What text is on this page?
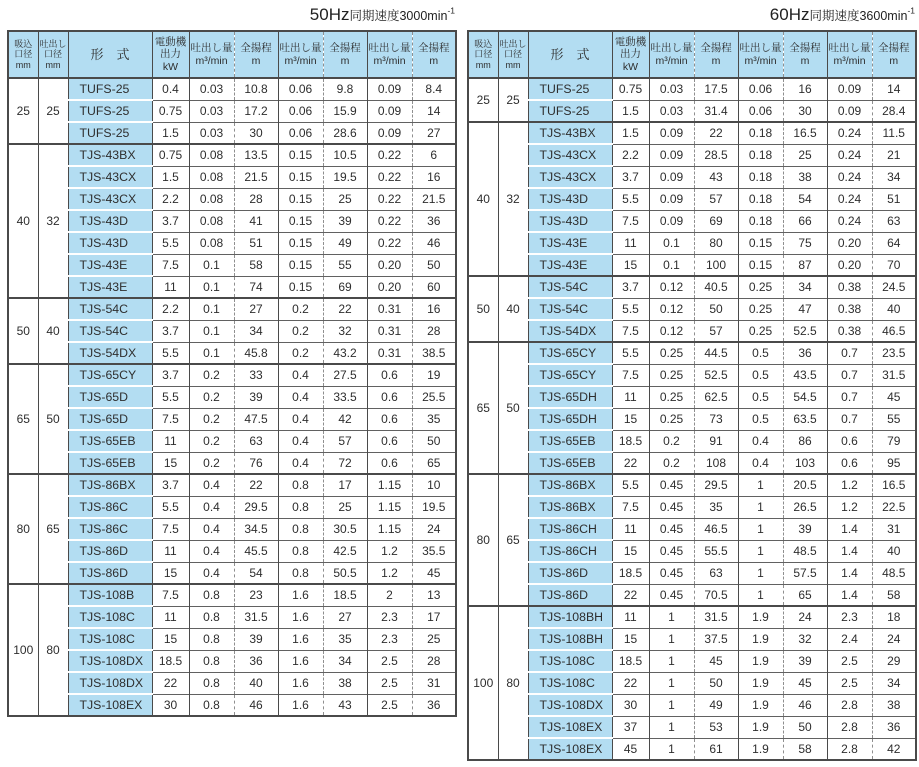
50Hz同期速度$3000\min^{-1}$	60Hz同期速度$3600\min^{-1}$
吸込
口径
mm

吐出し
口径
mm
	形　式	
電動機
出力kW

吐出し量
m³/min

全揚程
m

吐出し量
m³/min

全揚程
m

吐出し量
m³/min

全揚程
m

25	25	TUFS-25	0.4	0.03	10.8	0.06	9.8	0.09	8.4
		TUFS-25	0.75	0.03	17.2	0.06	15.9	0.09	14
		TUFS-25	1.5	0.03	30	0.06	28.6	0.09	27
40	32	TJS-43BX	0.75	0.08	13.5	0.15	10.5	0.22	6
		TJS-43CX	1.5	0.08	21.5	0.15	19.5	0.22	16
		TJS-43CX	2.2	0.08	28	0.15	25	0.22	21.5
		TJS-43D	3.7	0.08	41	0.15	39	0.22	36
		TJS-43D	5.5	0.08	51	0.15	49	0.22	46
		TJS-43E	7.5	0.1	58	0.15	55	0.20	50
		TJS-43E	11	0.1	74	0.15	69	0.20	60
50	40	TJS-54C	2.2	0.1	27	0.2	22	0.31	16
		TJS-54C	3.7	0.1	34	0.2	32	0.31	28
		TJS-54DX	5.5	0.1	45.8	0.2	43.2	0.31	38.5
65	50	TJS-65CY	3.7	0.2	33	0.4	27.5	0.6	19
		TJS-65D	5.5	0.2	39	0.4	33.5	0.6	25.5
		TJS-65D	7.5	0.2	47.5	0.4	42	0.6	35
		TJS-65EB	11	0.2	63	0.4	57	0.6	50
		TJS-65EB	15	0.2	76	0.4	72	0.6	65
80	65	TJS-86BX	3.7	0.4	22	0.8	17	1.15	10
		TJS-86C	5.5	0.4	29.5	0.8	25	1.15	19.5
		TJS-86C	7.5	0.4	34.5	0.8	30.5	1.15	24
		TJS-86D	11	0.4	45.5	0.8	42.5	1.2	35.5
		TJS-86D	15	0.4	54	0.8	50.5	1.2	45
100	80	TJS-108B	7.5	0.8	23	1.6	18.5	2	13
		TJS-108C	11	0.8	31.5	1.6	27	2.3	17
		TJS-108C	15	0.8	39	1.6	35	2.3	25
		TJS-108DX	18.5	0.8	36	1.6	34	2.5	28
		TJS-108DX	22	0.8	40	1.6	38	2.5	31
		TJS-108EX	30	0.8	46	1.6	43	2.5	36
吸込
口径
mm

吐出し
口径
mm
	形　式	
電動機
出力kW

吐出し量
m³/min

全揚程
m

吐出し量
m³/min

全揚程
m

吐出し量
m³/min

全揚程
m

25	25	TUFS-25	0.75	0.03	17.5	0.06	16	0.09	14
		TUFS-25	1.5	0.03	31.4	0.06	30	0.09	28.4
40	32	TJS-43BX	1.5	0.09	22	0.18	16.5	0.24	11.5
		TJS-43CX	2.2	0.09	28.5	0.18	25	0.24	21
		TJS-43CX	3.7	0.09	43	0.18	38	0.24	34
		TJS-43D	5.5	0.09	57	0.18	54	0.24	51
		TJS-43D	7.5	0.09	69	0.18	66	0.24	63
		TJS-43E	11	0.1	80	0.15	75	0.20	64
		TJS-43E	15	0.1	100	0.15	87	0.20	70
50	40	TJS-54C	3.7	0.12	40.5	0.25	34	0.38	24.5
		TJS-54C	5.5	0.12	50	0.25	47	0.38	40
		TJS-54DX	7.5	0.12	57	0.25	52.5	0.38	46.5
65	50	TJS-65CY	5.5	0.25	44.5	0.5	36	0.7	23.5
		TJS-65CY	7.5	0.25	52.5	0.5	43.5	0.7	31.5
		TJS-65DH	11	0.25	62.5	0.5	54.5	0.7	45
		TJS-65DH	15	0.25	73	0.5	63.5	0.7	55
		TJS-65EB	18.5	0.2	91	0.4	86	0.6	79
		TJS-65EB	22	0.2	108	0.4	103	0.6	95
80	65	TJS-86BX	5.5	0.45	29.5	1	20.5	1.2	16.5
		TJS-86BX	7.5	0.45	35	1	26.5	1.2	22.5
		TJS-86CH	11	0.45	46.5	1	39	1.4	31
		TJS-86CH	15	0.45	55.5	1	48.5	1.4	40
		TJS-86D	18.5	0.45	63	1	57.5	1.4	48.5
		TJS-86D	22	0.45	70.5	1	65	1.4	58
100	80	TJS-108BH	11	1	31.5	1.9	24	2.3	18
		TJS-108BH	15	1	37.5	1.9	32	2.4	24
		TJS-108C	18.5	1	45	1.9	39	2.5	29
		TJS-108C	22	1	50	1.9	45	2.5	34
		TJS-108DX	30	1	49	1.9	46	2.8	38
		TJS-108EX	37	1	53	1.9	50	2.8	36
		TJS-108EX	45	1	61	1.9	58	2.8	42
